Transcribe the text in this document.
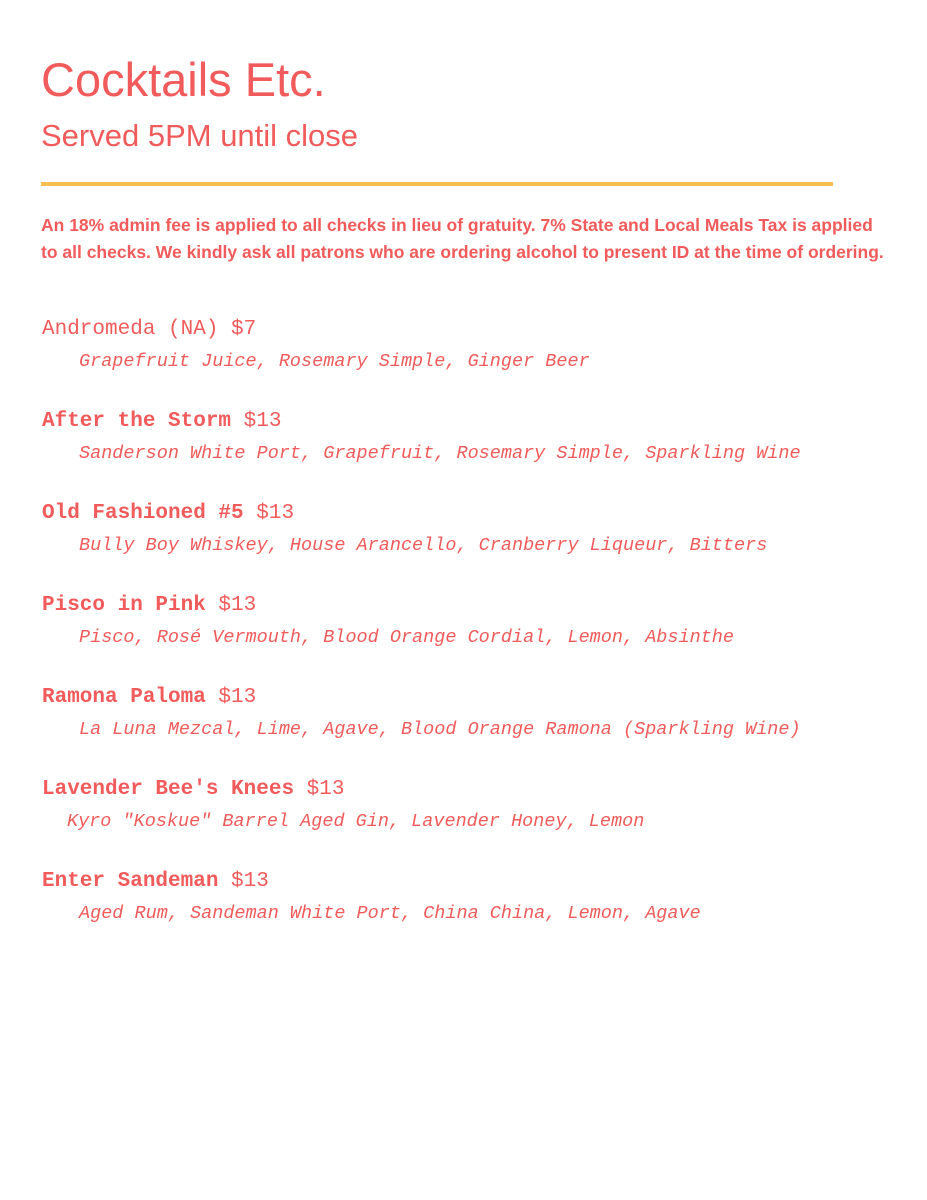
Cocktails Etc.
Served 5PM until close

An 18% admin fee is applied to all checks in lieu of gratuity. 7% State and Local Meals Tax is applied to all checks. We kindly ask all patrons who are ordering alcohol to present ID at the time of ordering.

Andromeda (NA) $7
Grapefruit Juice, Rosemary Simple, Ginger Beer
After the Storm $13
Sanderson White Port, Grapefruit, Rosemary Simple, Sparkling Wine
Old Fashioned #5 $13
Bully Boy Whiskey, House Arancello, Cranberry Liqueur, Bitters
Pisco in Pink $13
Pisco, Rosé Vermouth, Blood Orange Cordial, Lemon, Absinthe
Ramona Paloma $13
La Luna Mezcal, Lime, Agave, Blood Orange Ramona (Sparkling Wine)
Lavender Bee's Knees $13
Kyro "Koskue" Barrel Aged Gin, Lavender Honey, Lemon
Enter Sandeman $13
Aged Rum, Sandeman White Port, China China, Lemon, Agave
